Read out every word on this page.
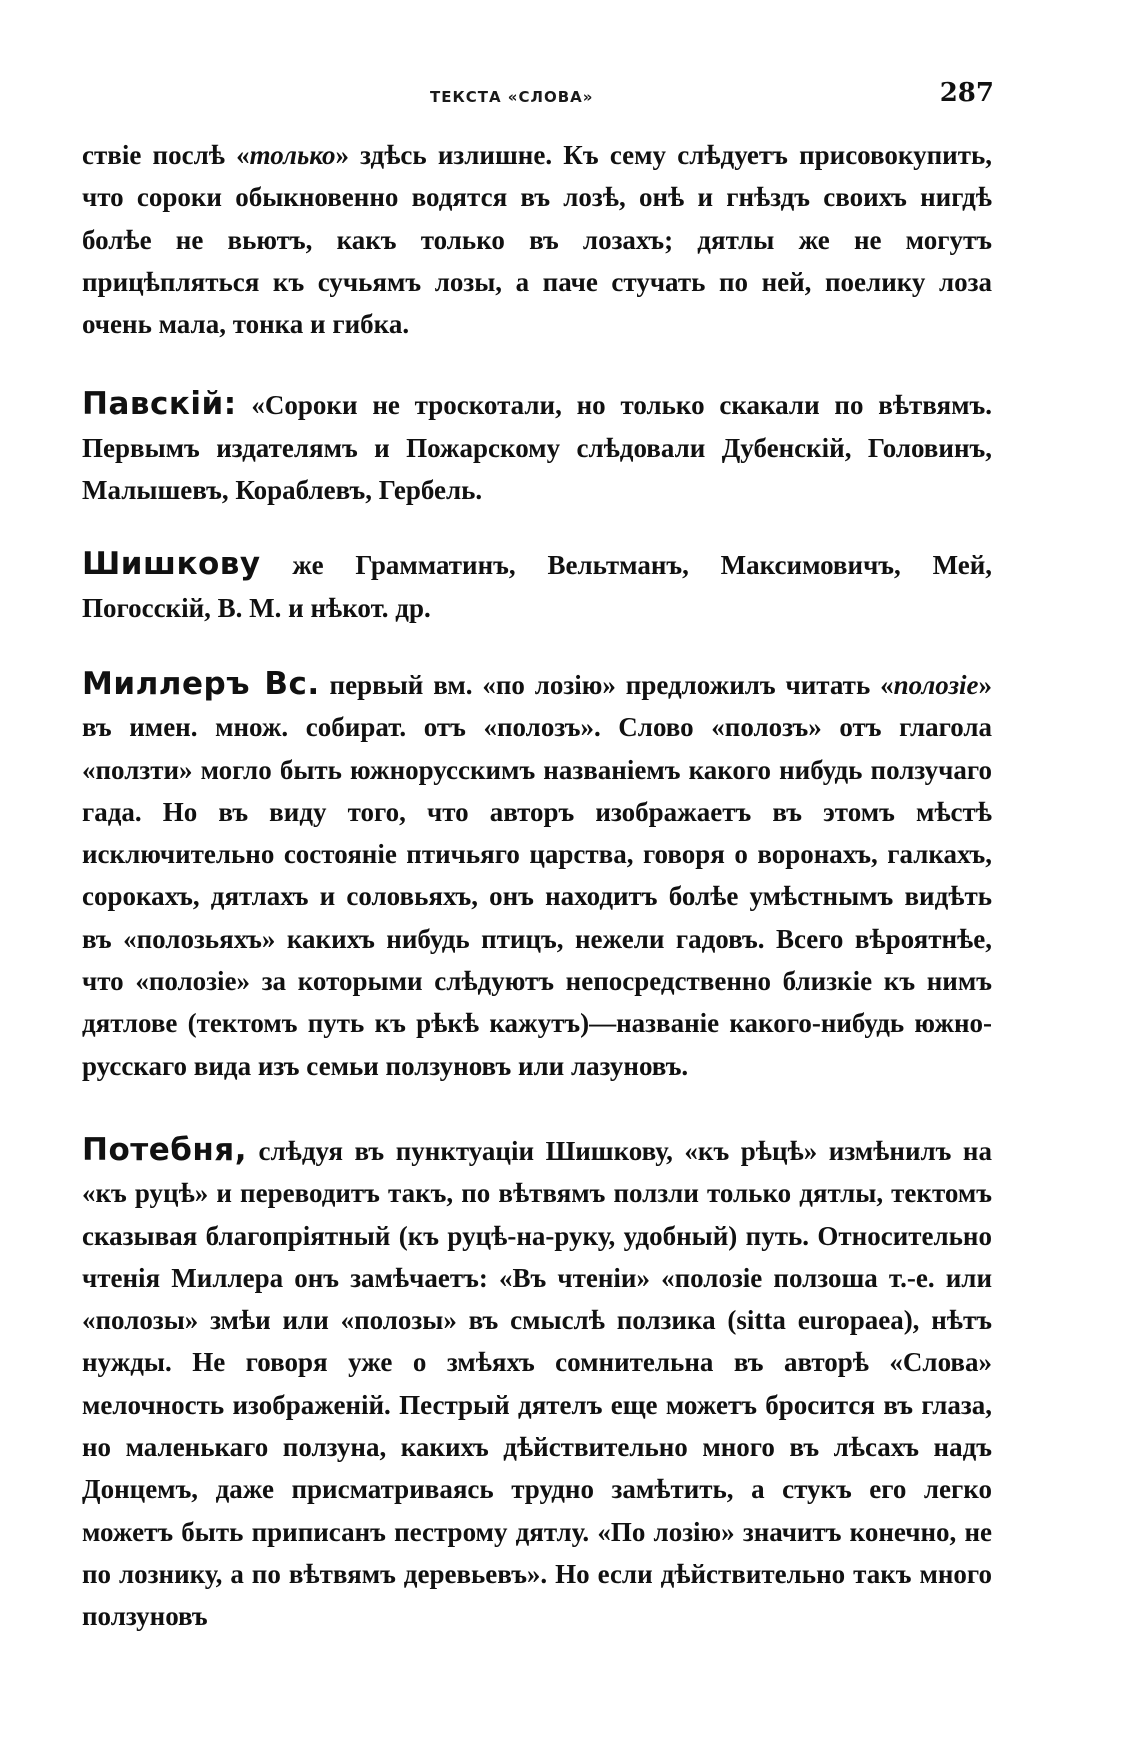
ТЕКСТА «СЛОВА»	287

ствіе послѣ «только» здѣсь излишне. Къ сему слѣдуетъ присовокупить, что сороки обыкновенно водятся въ лозѣ, онѣ и гнѣздъ своихъ нигдѣ болѣе не вьютъ, какъ только въ лозахъ; дятлы же не могутъ прицѣпляться къ сучьямъ лозы, а паче стучать по ней, поелику лоза очень мала, тонка и гибка.

Павскій: «Сороки не троскотали, но только скакали по вѣтвямъ. Первымъ издателямъ и Пожарскому слѣдовали Дубенскій, Головинъ, Малышевъ, Кораблевъ, Гербель.

Шишкову же Грамматинъ, Вельтманъ, Максимовичъ, Мей, Погосскій, В. М. и нѣкот. др.

Миллеръ Вс. первый вм. «по лозію» предложилъ читать «полозіе» въ имен. множ. собират. отъ «полозъ». Слово «полозъ» отъ глагола «ползти» могло быть южнорусскимъ названіемъ какого нибудь ползучаго гада. Но въ виду того, что авторъ изображаетъ въ этомъ мѣстѣ исключительно состояніе птичьяго царства, говоря о воронахъ, галкахъ, сорокахъ, дятлахъ и соловьяхъ, онъ находитъ болѣе умѣстнымъ видѣть въ «полозьяхъ» какихъ нибудь птицъ, нежели гадовъ. Всего вѣроятнѣе, что «полозіе» за которыми слѣдуютъ непосредственно близкіе къ нимъ дятлове (тектомъ путь къ рѣкѣ кажутъ)—названіе какого-нибудь южно-русскаго вида изъ семьи ползуновъ или лазуновъ.

Потебня, слѣдуя въ пунктуаціи Шишкову, «къ рѣцѣ» измѣнилъ на «къ руцѣ» и переводитъ такъ, по вѣтвямъ ползли только дятлы, тектомъ сказывая благопріятный (къ руцѣ-на-руку, удобный) путь. Относительно чтенія Миллера онъ замѣчаетъ: «Въ чтеніи» «полозіе ползоша т.-е. или «полозы» змѣи или «полозы» въ смыслѣ ползика (sitta europaea), нѣтъ нужды. Не говоря уже о змѣяхъ сомнительна въ авторѣ «Слова» мелочность изображеній. Пестрый дятелъ еще можетъ бросится въ глаза, но маленькаго ползуна, какихъ дѣйствительно много въ лѣсахъ надъ Донцемъ, даже присматриваясь трудно замѣтить, а стукъ его легко можетъ быть приписанъ пестрому дятлу. «По лозію» значитъ конечно, не по лознику, а по вѣтвямъ деревьевъ». Но если дѣйствительно такъ много ползуновъ
